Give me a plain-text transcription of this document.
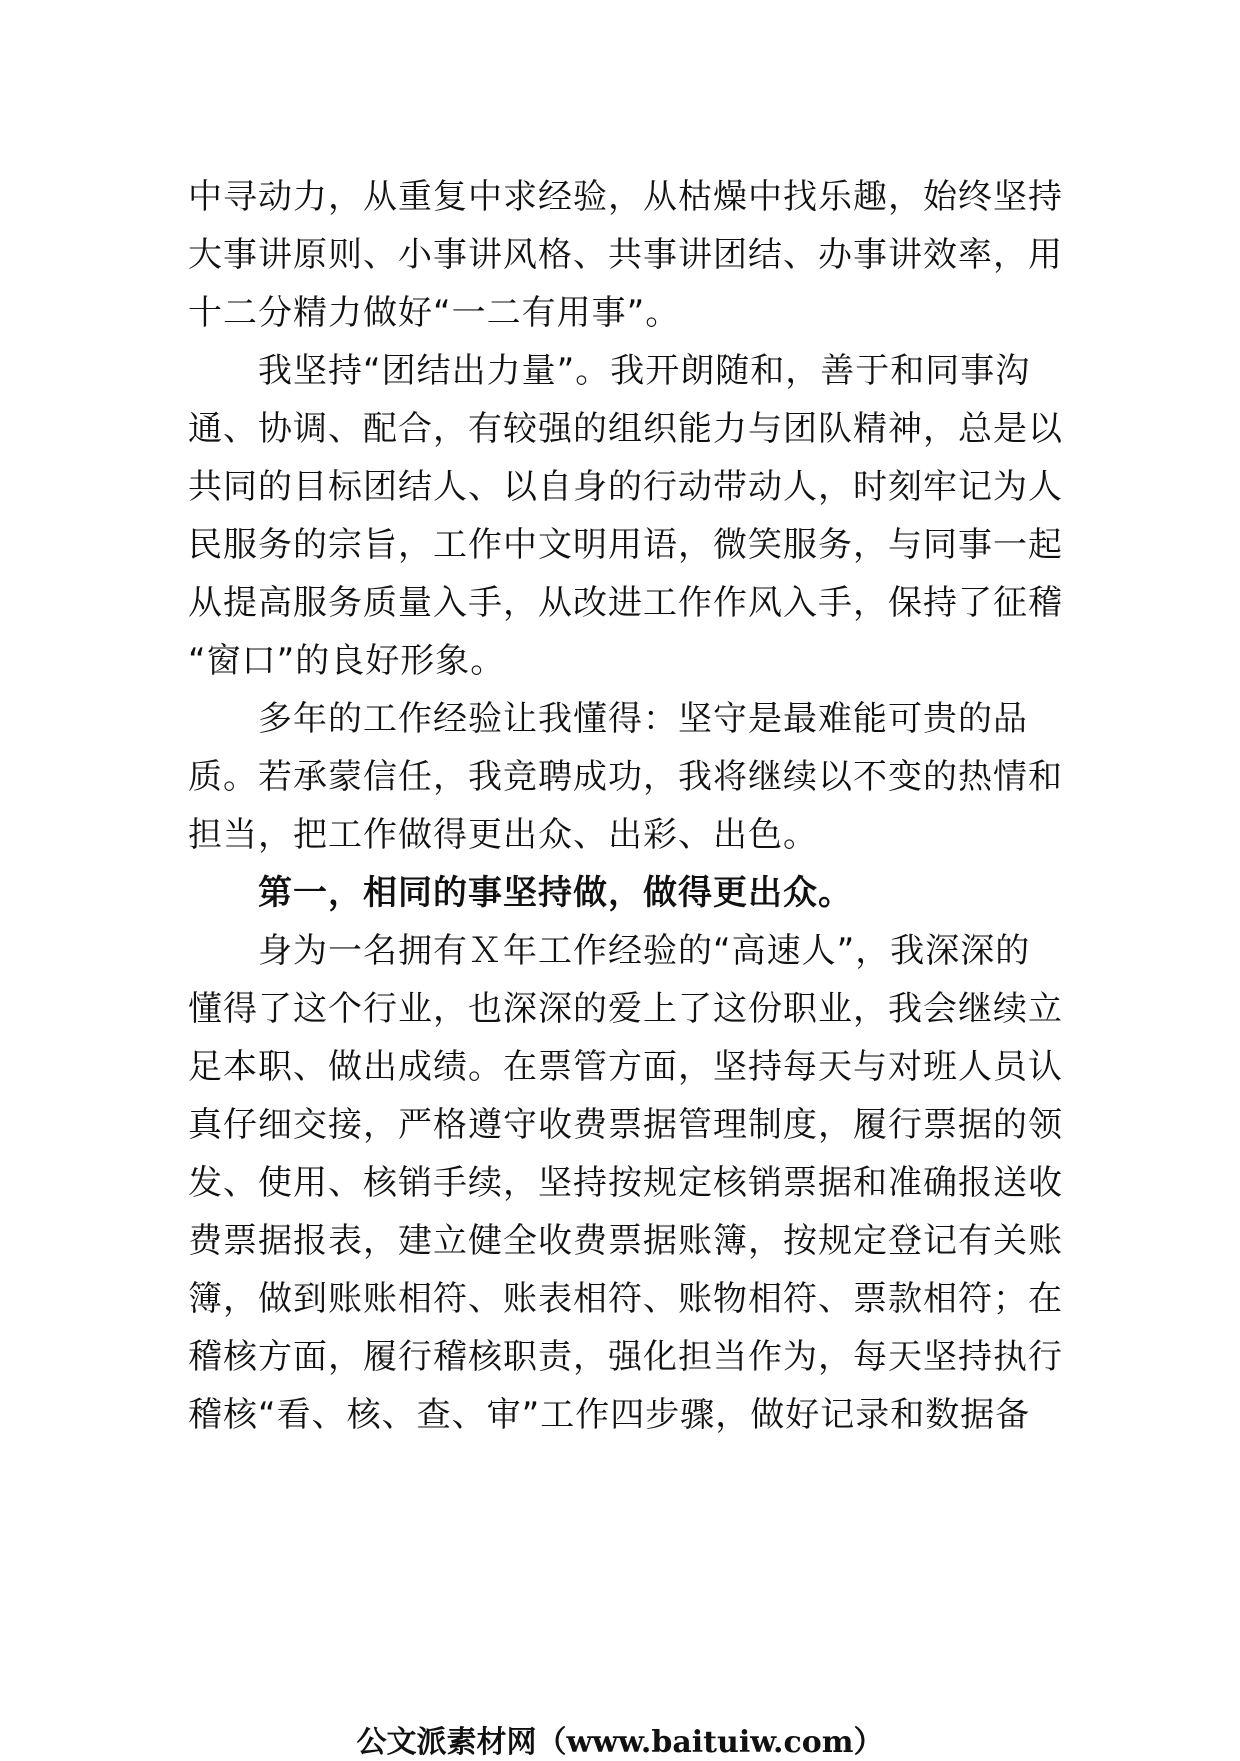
中寻动力，从重复中求经验，从枯燥中找乐趣，始终坚持
大事讲原则、小事讲风格、共事讲团结、办事讲效率，用
十二分精力做好“一二有用事”。
　　我坚持“团结出力量”。我开朗随和，善于和同事沟
通、协调、配合，有较强的组织能力与团队精神，总是以
共同的目标团结人、以自身的行动带动人，时刻牢记为人
民服务的宗旨，工作中文明用语，微笑服务，与同事一起
从提高服务质量入手，从改进工作作风入手，保持了征稽
“窗口”的良好形象。
　　多年的工作经验让我懂得：坚守是最难能可贵的品
质。若承蒙信任，我竞聘成功，我将继续以不变的热情和
担当，把工作做得更出众、出彩、出色。
　　第一，相同的事坚持做，做得更出众。
　　身为一名拥有Ｘ年工作经验的“高速人”，我深深的
懂得了这个行业，也深深的爱上了这份职业，我会继续立
足本职、做出成绩。在票管方面，坚持每天与对班人员认
真仔细交接，严格遵守收费票据管理制度，履行票据的领
发、使用、核销手续，坚持按规定核销票据和准确报送收
费票据报表，建立健全收费票据账簿，按规定登记有关账
簿，做到账账相符、账表相符、账物相符、票款相符；在
稽核方面，履行稽核职责，强化担当作为，每天坚持执行
稽核“看、核、查、审”工作四步骤，做好记录和数据备
公文派素材网（www.baituiw.com）
